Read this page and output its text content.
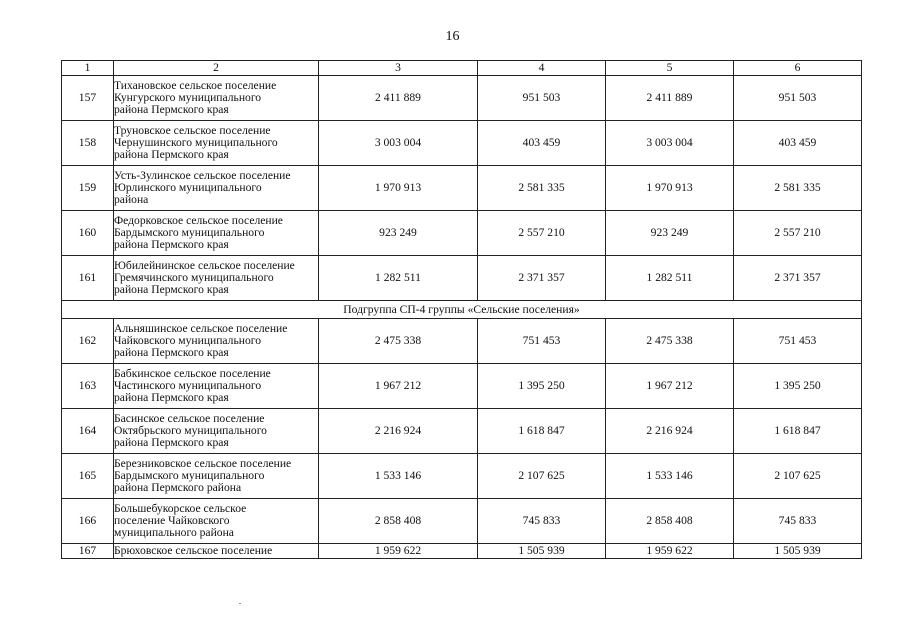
16
1	2	3	4	5	6
157	Тихановское сельское поселение
Кунгурского муниципального
района Пермского края	2 411 889	951 503	2 411 889	951 503
158	Труновское сельское поселение
Чернушинского муниципального
района Пермского края	3 003 004	403 459	3 003 004	403 459
159	Усть-Зулинское сельское поселение
Юрлинского муниципального
района	1 970 913	2 581 335	1 970 913	2 581 335
160	Федорковское сельское поселение
Бардымского муниципального
района Пермского края	923 249	2 557 210	923 249	2 557 210
161	Юбилейнинское сельское поселение
Гремячинского муниципального
района Пермского края	1 282 511	2 371 357	1 282 511	2 371 357
Подгруппа СП-4 группы «Сельские поселения»					
162	Альняшинское сельское поселение
Чайковского муниципального
района Пермского края	2 475 338	751 453	2 475 338	751 453
163	Бабкинское сельское поселение
Частинского муниципального
района Пермского края	1 967 212	1 395 250	1 967 212	1 395 250
164	Басинское сельское поселение
Октябрьского муниципального
района Пермского края	2 216 924	1 618 847	2 216 924	1 618 847
165	Березниковское сельское поселение
Бардымского муниципального
района Пермского района	1 533 146	2 107 625	1 533 146	2 107 625
166	Большебукорское сельское
поселение Чайковского
муниципального района	2 858 408	745 833	2 858 408	745 833
167	Брюховское сельское поселение	1 959 622	1 505 939	1 959 622	1 505 939
